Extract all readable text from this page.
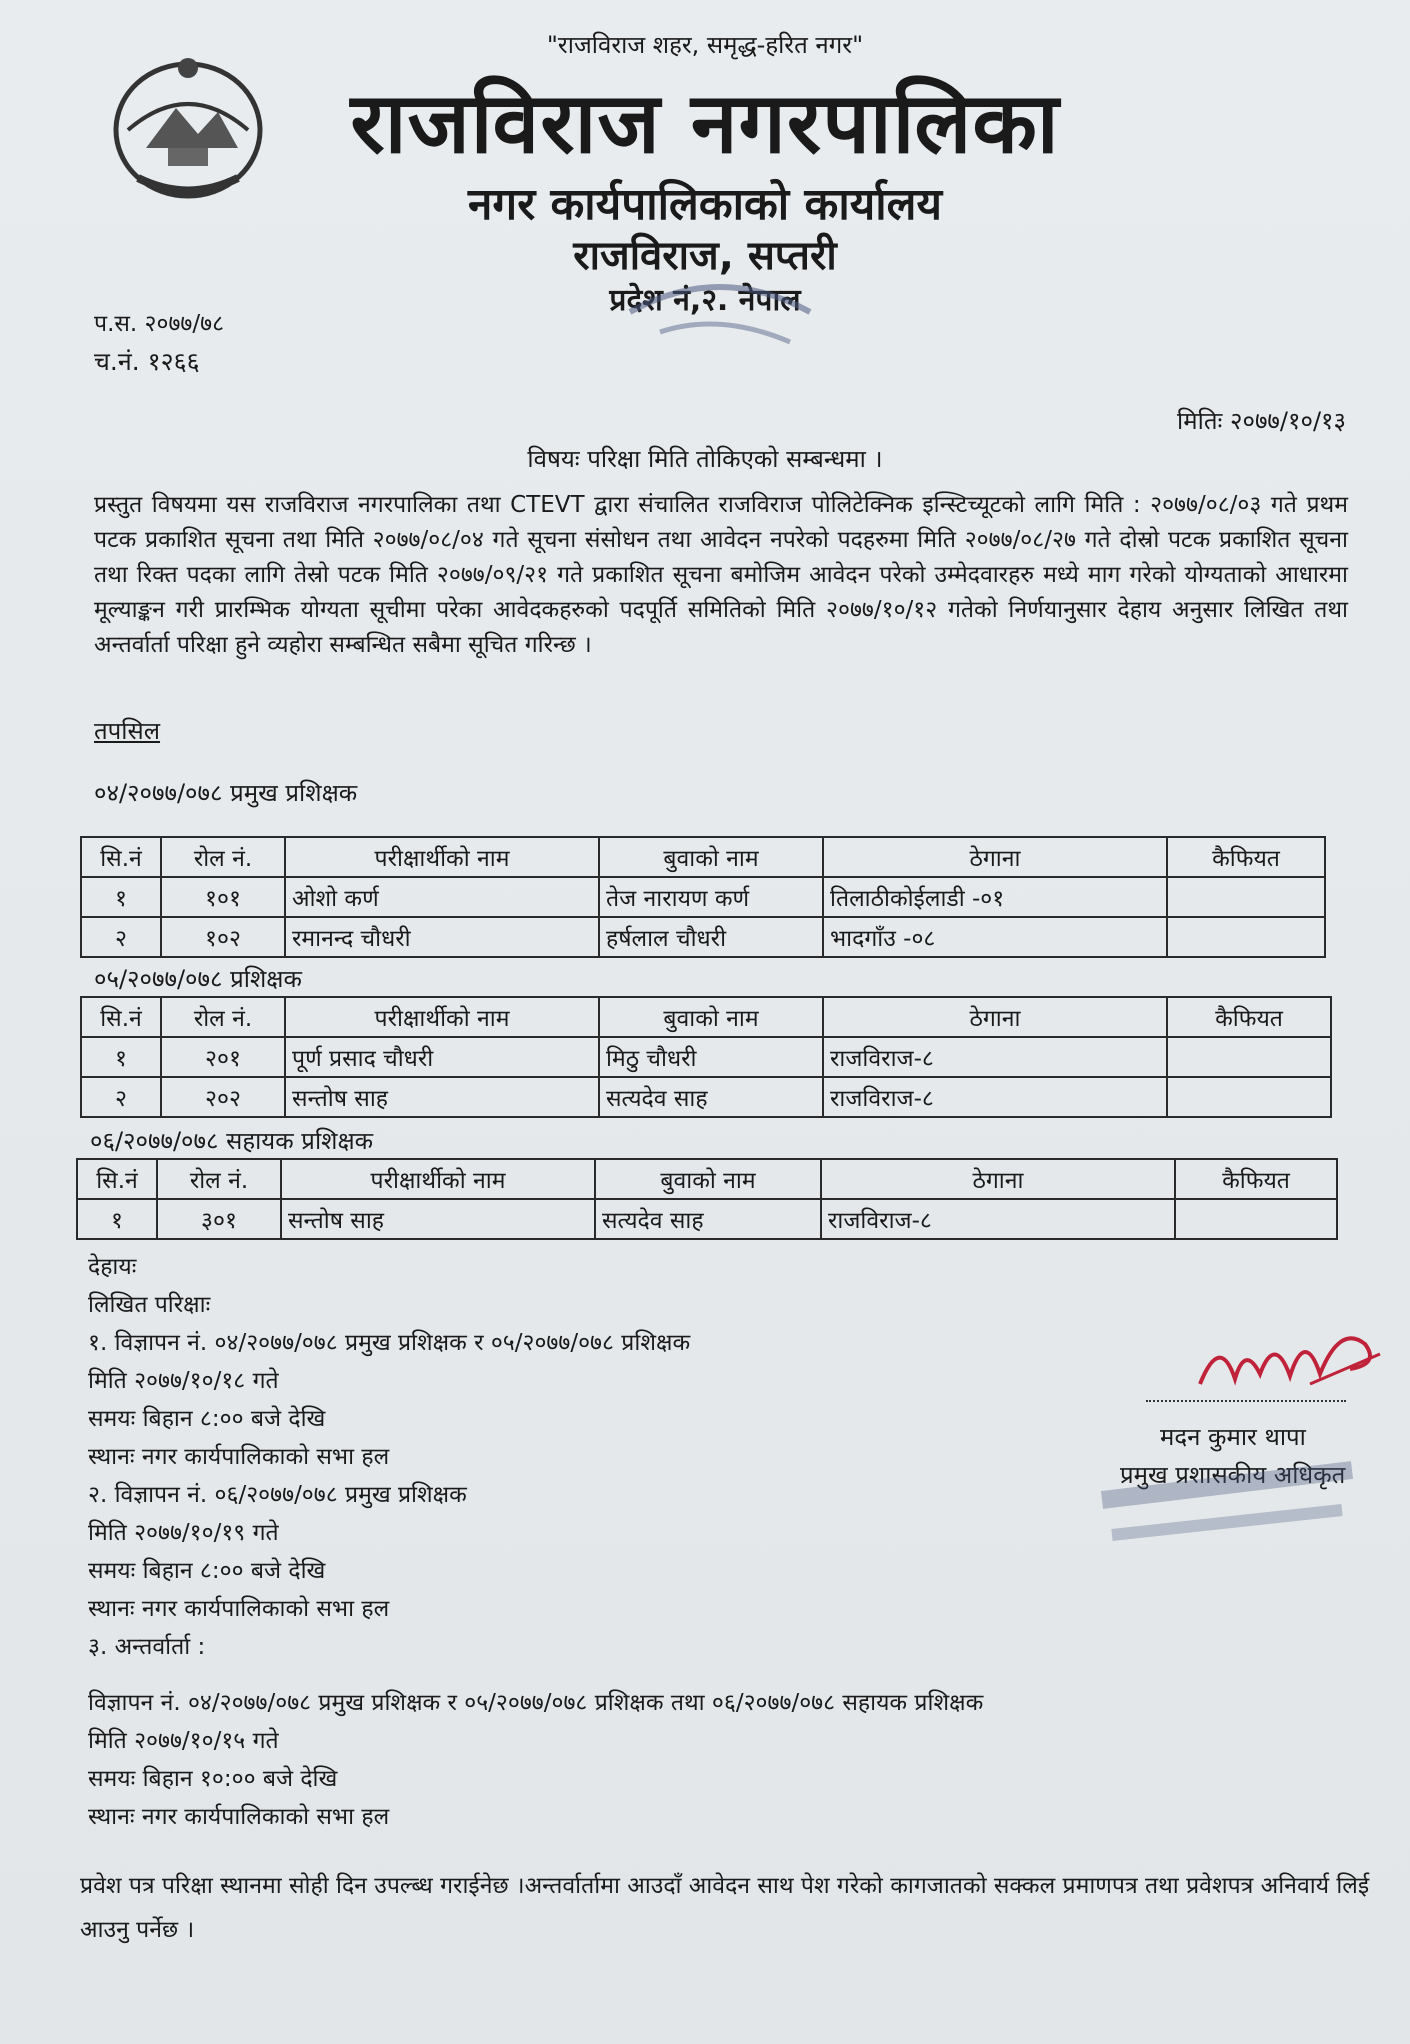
"राजविराज शहर, समृद्ध-हरित नगर"
राजविराज नगरपालिका
नगर कार्यपालिकाको कार्यालय
राजविराज, सप्तरी
प्रदेश नं,२. नेपाल
प.स. २०७७/७८
च.नं. १२६६
मितिः २०७७/१०/१३
विषयः परिक्षा मिति तोकिएको सम्बन्धमा ।
प्रस्तुत विषयमा यस राजविराज नगरपालिका तथा CTEVT द्वारा संचालित राजविराज पोलिटेक्निक इन्स्टिच्यूटको लागि मिति : २०७७/०८/०३ गते प्रथम पटक प्रकाशित सूचना तथा मिति २०७७/०८/०४ गते सूचना संसोधन तथा आवेदन नपरेको पदहरुमा मिति २०७७/०८/२७ गते दोस्रो पटक प्रकाशित सूचना तथा रिक्त पदका लागि तेस्रो पटक मिति २०७७/०९/२१ गते प्रकाशित सूचना बमोजिम आवेदन परेको उम्मेदवारहरु मध्ये माग गरेको योग्यताको आधारमा मूल्याङ्कन गरी प्रारम्भिक योग्यता सूचीमा परेका आवेदकहरुको पदपूर्ति समितिको मिति २०७७/१०/१२ गतेको निर्णयानुसार देहाय अनुसार लिखित तथा अन्तर्वार्ता परिक्षा हुने व्यहोरा सम्बन्धित सबैमा सूचित गरिन्छ ।
तपसिल
०४/२०७७/०७८ प्रमुख प्रशिक्षक
सि.नं	रोल नं.	परीक्षार्थीको नाम	बुवाको नाम	ठेगाना	कैफियत
१	१०१	ओशो कर्ण	तेज नारायण कर्ण	तिलाठीकोईलाडी -०१	
२	१०२	रमानन्द चौधरी	हर्षलाल चौधरी	भादगाँउ -०८	
०५/२०७७/०७८ प्रशिक्षक
सि.नं	रोल नं.	परीक्षार्थीको नाम	बुवाको नाम	ठेगाना	कैफियत
१	२०१	पूर्ण प्रसाद चौधरी	मिठु चौधरी	राजविराज-८	
२	२०२	सन्तोष साह	सत्यदेव साह	राजविराज-८	
०६/२०७७/०७८ सहायक प्रशिक्षक
सि.नं	रोल नं.	परीक्षार्थीको नाम	बुवाको नाम	ठेगाना	कैफियत
१	३०१	सन्तोष साह	सत्यदेव साह	राजविराज-८	
देहायः
लिखित परिक्षाः
१. विज्ञापन नं. ०४/२०७७/०७८ प्रमुख प्रशिक्षक र ०५/२०७७/०७८ प्रशिक्षक
मिति २०७७/१०/१८ गते
समयः बिहान ८:०० बजे देखि
स्थानः नगर कार्यपालिकाको सभा हल
२. विज्ञापन नं. ०६/२०७७/०७८ प्रमुख प्रशिक्षक
मिति २०७७/१०/१९ गते
समयः बिहान ८:०० बजे देखि
स्थानः नगर कार्यपालिकाको सभा हल
३. अन्तर्वार्ता :
विज्ञापन नं. ०४/२०७७/०७८ प्रमुख प्रशिक्षक र ०५/२०७७/०७८ प्रशिक्षक तथा ०६/२०७७/०७८ सहायक प्रशिक्षक
मिति २०७७/१०/१५ गते
समयः बिहान १०:०० बजे देखि
स्थानः नगर कार्यपालिकाको सभा हल
मदन कुमार थापा
प्रमुख प्रशासकीय अधिकृत
प्रवेश पत्र परिक्षा स्थानमा सोही दिन उपल्ब्ध गराईनेछ ।अन्तर्वार्तामा आउदाँ आवेदन साथ पेश गरेको कागजातको सक्कल प्रमाणपत्र तथा प्रवेशपत्र अनिवार्य लिई आउनु पर्नेछ ।
